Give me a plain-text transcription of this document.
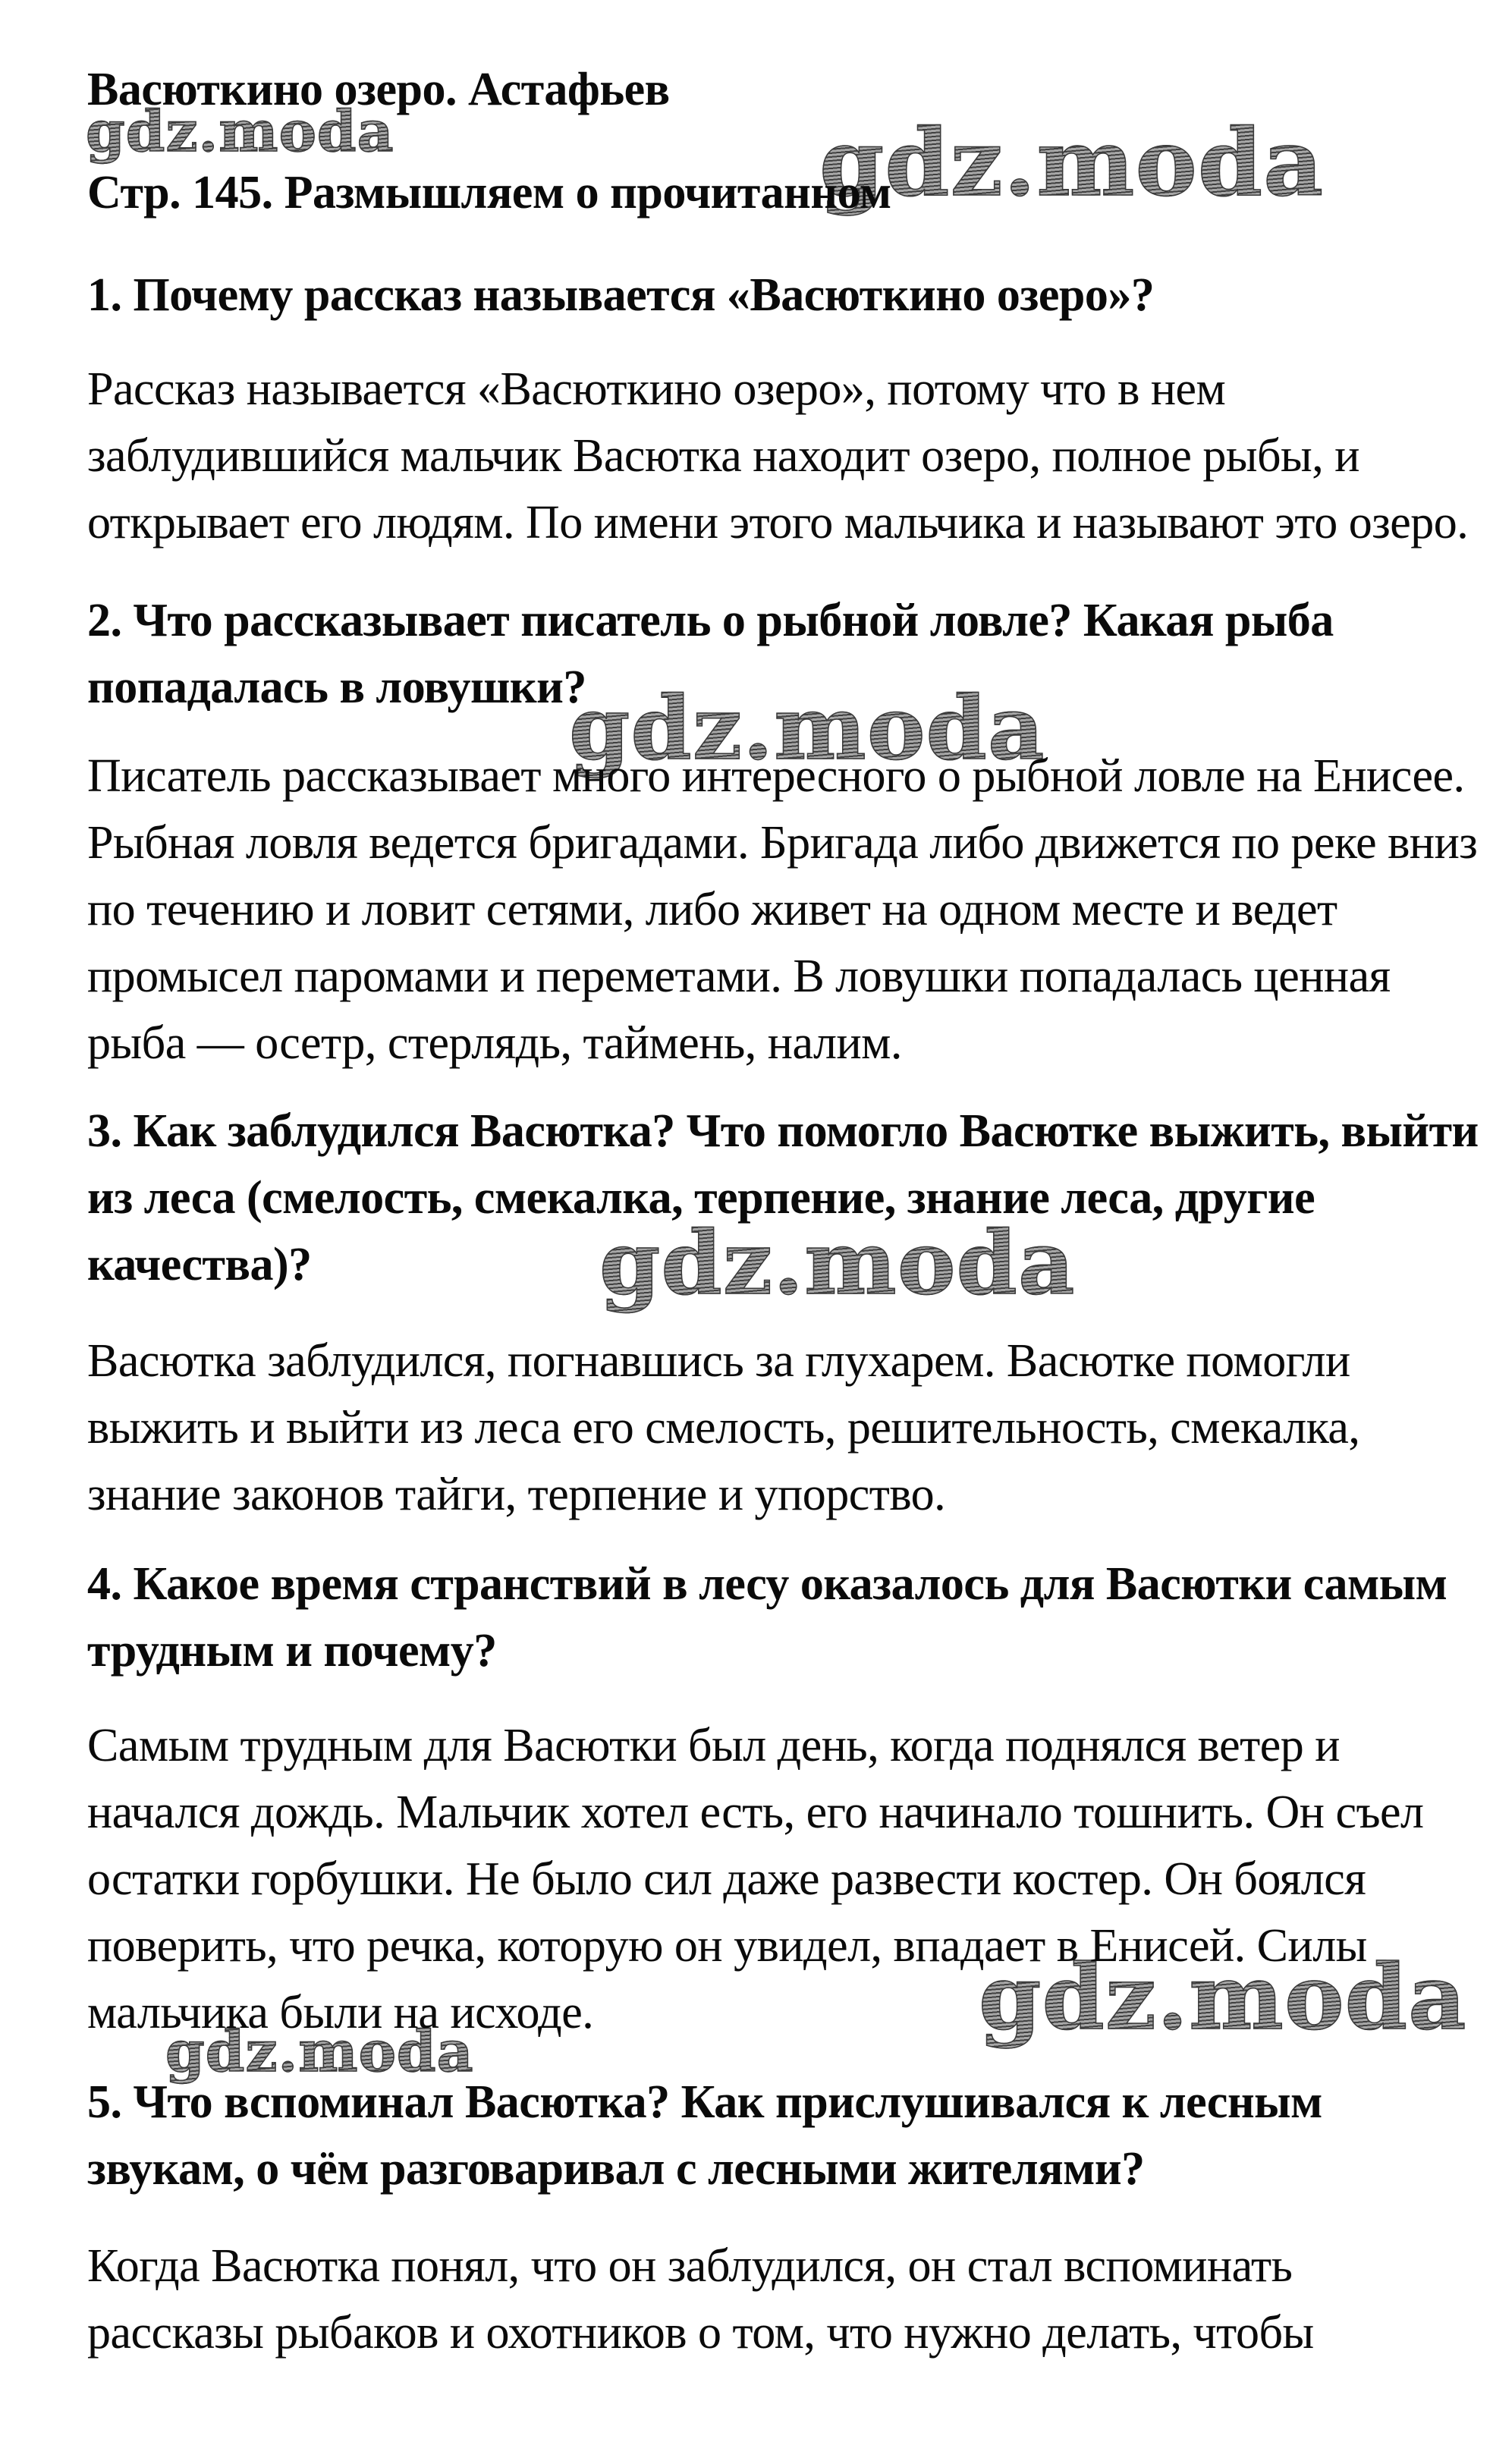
gdz.moda	gdz.moda
gdz.moda
gdz.moda
gdz.moda
gdz.moda
Васюткино озеро. Астафьев
Стр. 145. Размышляем о прочитанном
1. Почему рассказ называется «Васюткино озеро»?
Рассказ называется «Васюткино озеро», потому что в нем
заблудившийся мальчик Васютка находит озеро, полное рыбы, и
открывает его людям. По имени этого мальчика и называют это озеро.
2. Что рассказывает писатель о рыбной ловле? Какая рыба
попадалась в ловушки?
Писатель рассказывает много интересного о рыбной ловле на Енисее.
Рыбная ловля ведется бригадами. Бригада либо движется по реке вниз
по течению и ловит сетями, либо живет на одном месте и ведет
промысел паромами и переметами. В ловушки попадалась ценная
рыба — осетр, стерлядь, таймень, налим.
3. Как заблудился Васютка? Что помогло Васютке выжить, выйти
из леса (смелость, смекалка, терпение, знание леса, другие
качества)?
Васютка заблудился, погнавшись за глухарем. Васютке помогли
выжить и выйти из леса его смелость, решительность, смекалка,
знание законов тайги, терпение и упорство.
4. Какое время странствий в лесу оказалось для Васютки самым
трудным и почему?
Самым трудным для Васютки был день, когда поднялся ветер и
начался дождь. Мальчик хотел есть, его начинало тошнить. Он съел
остатки горбушки. Не было сил даже развести костер. Он боялся
поверить, что речка, которую он увидел, впадает в Енисей. Силы
мальчика были на исходе.
5. Что вспоминал Васютка? Как прислушивался к лесным
звукам, о чём разговаривал с лесными жителями?
Когда Васютка понял, что он заблудился, он стал вспоминать
рассказы рыбаков и охотников о том, что нужно делать, чтобы
